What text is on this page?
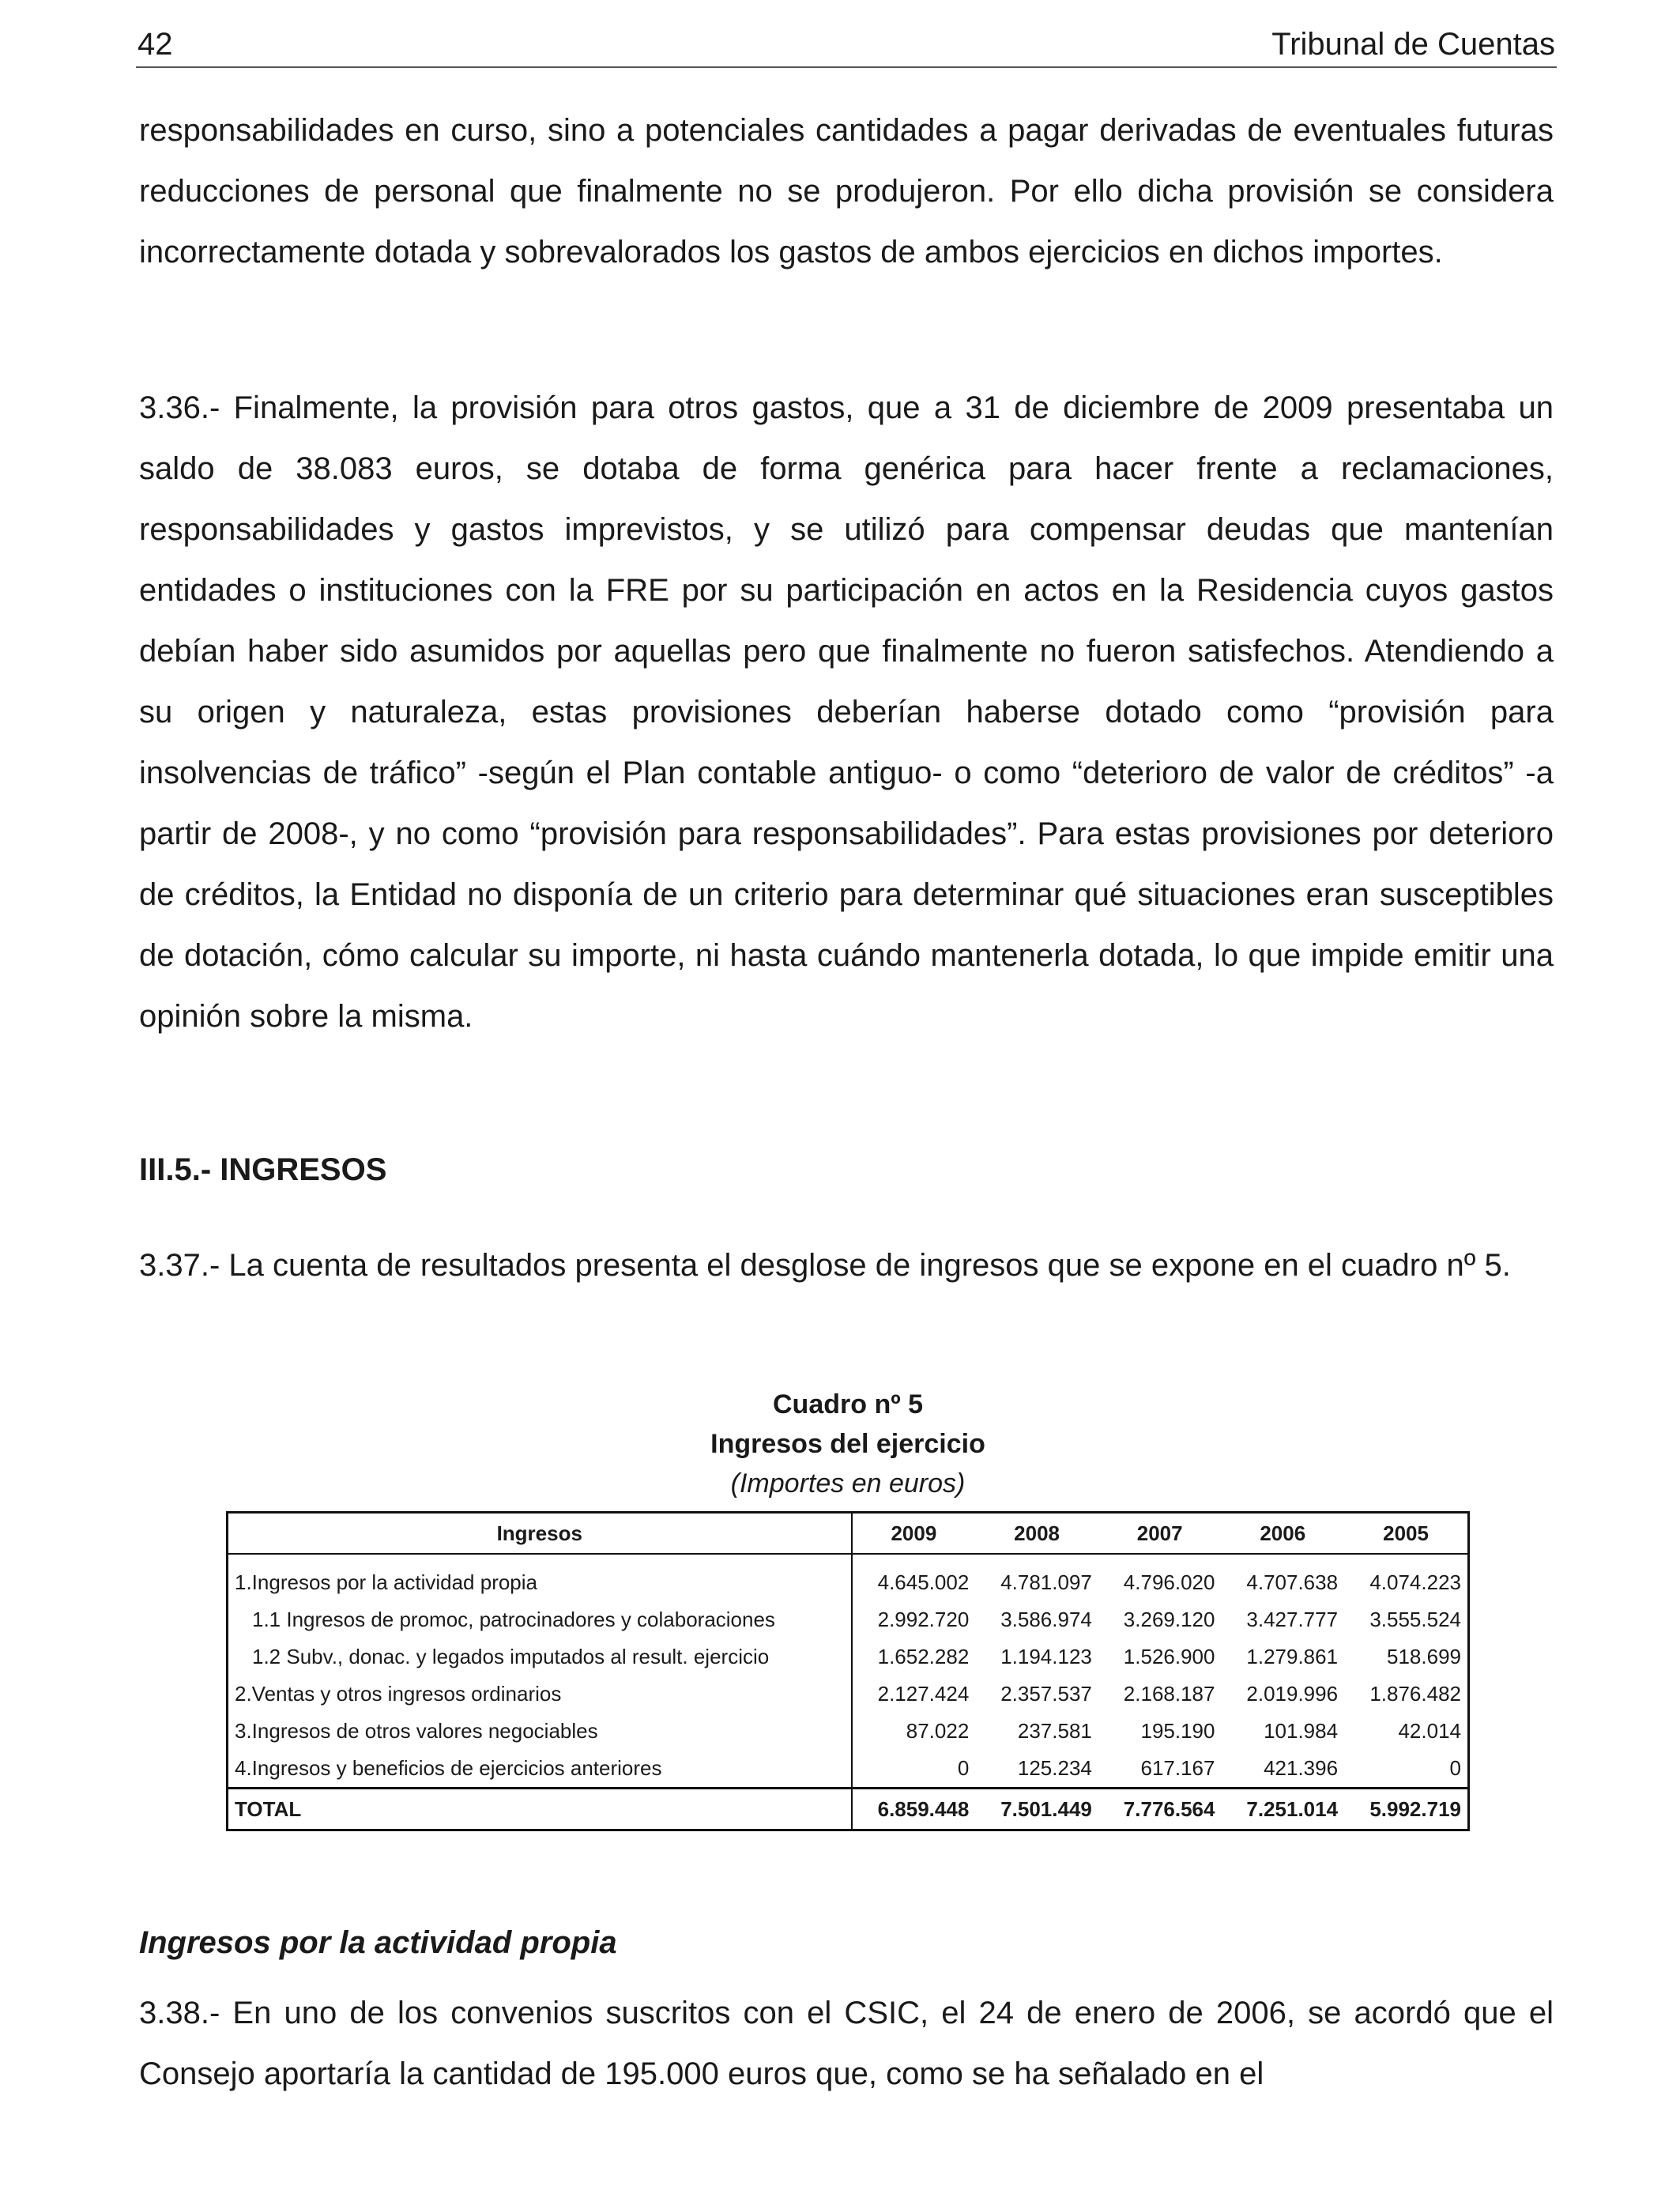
42	Tribunal de Cuentas

responsabilidades en curso, sino a potenciales cantidades a pagar derivadas de eventuales futuras reducciones de personal que finalmente no se produjeron. Por ello dicha provisión se considera incorrectamente dotada y sobrevalorados los gastos de ambos ejercicios en dichos importes.

3.36.- Finalmente, la provisión para otros gastos, que a 31 de diciembre de 2009 presentaba un saldo de 38.083 euros, se dotaba de forma genérica para hacer frente a reclamaciones, responsabilidades y gastos imprevistos, y se utilizó para compensar deudas que mantenían entidades o instituciones con la FRE por su participación en actos en la Residencia cuyos gastos debían haber sido asumidos por aquellas pero que finalmente no fueron satisfechos. Atendiendo a su origen y naturaleza, estas provisiones deberían haberse dotado como “provisión para insolvencias de tráfico” -según el Plan contable antiguo- o como “deterioro de valor de créditos” -a partir de 2008-, y no como “provisión para responsabilidades”. Para estas provisiones por deterioro de créditos, la Entidad no disponía de un criterio para determinar qué situaciones eran susceptibles de dotación, cómo calcular su importe, ni hasta cuándo mantenerla dotada, lo que impide emitir una opinión sobre la misma.

III.5.- INGRESOS

3.37.- La cuenta de resultados presenta el desglose de ingresos que se expone en el cuadro nº 5.

Cuadro nº 5
Ingresos del ejercicio
(Importes en euros)
Ingresos	2009	2008	2007	2006	2005

1.Ingresos por la actividad propia	4.645.002	4.781.097	4.796.020	4.707.638	4.074.223
1.1 Ingresos de promoc, patrocinadores y colaboraciones	2.992.720	3.586.974	3.269.120	3.427.777	3.555.524
1.2 Subv., donac. y legados imputados al result. ejercicio	1.652.282	1.194.123	1.526.900	1.279.861	518.699
2.Ventas y otros ingresos ordinarios	2.127.424	2.357.537	2.168.187	2.019.996	1.876.482
3.Ingresos de otros valores negociables	87.022	237.581	195.190	101.984	42.014
4.Ingresos y beneficios de ejercicios anteriores	0	125.234	617.167	421.396	0
TOTAL	6.859.448	7.501.449	7.776.564	7.251.014	5.992.719

Ingresos por la actividad propia

3.38.- En uno de los convenios suscritos con el CSIC, el 24 de enero de 2006, se acordó que el Consejo aportaría la cantidad de 195.000 euros que, como se ha señalado en el
